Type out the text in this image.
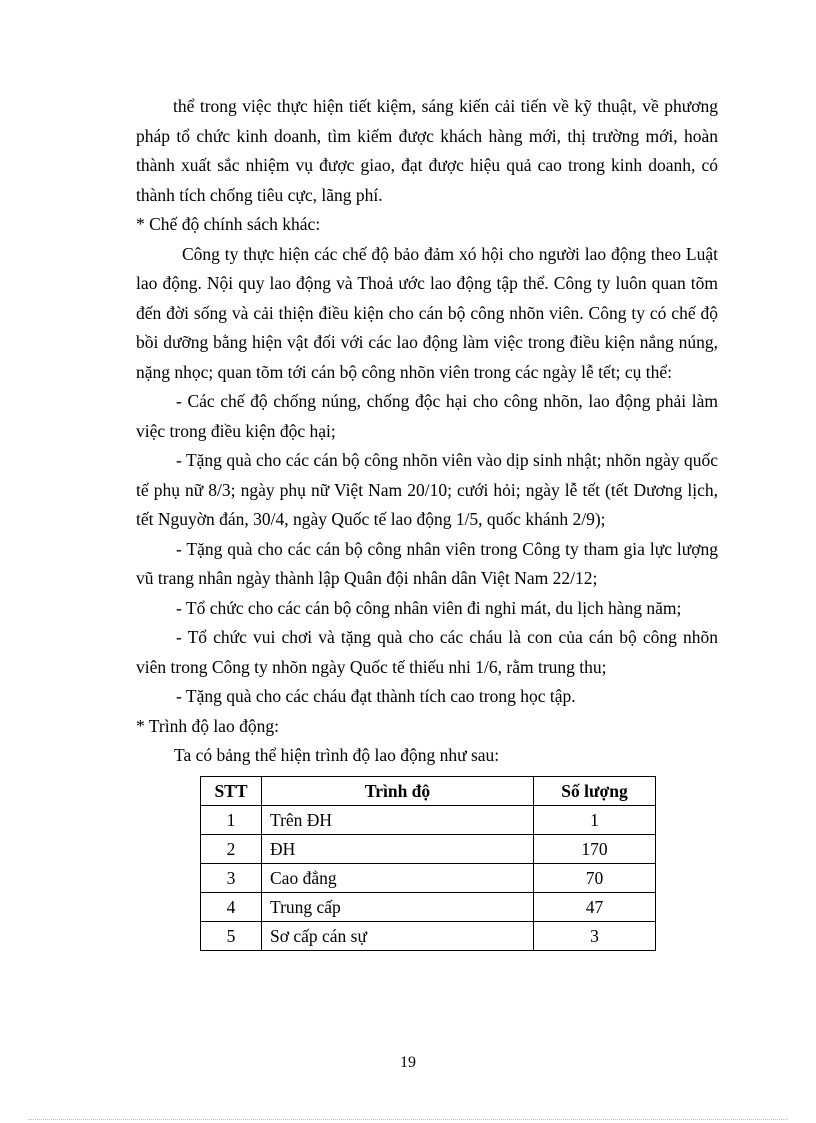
thể trong việc thực hiện tiết kiệm, sáng kiến cải tiến về kỹ thuật, về phương pháp tổ chức kinh doanh, tìm kiếm được khách hàng mới, thị trường mới, hoàn thành xuất sắc nhiệm vụ được giao, đạt được hiệu quả cao trong kinh doanh, có thành tích chống tiêu cực, lãng phí.

* Chế độ chính sách khác:

Công ty thực hiện các chế độ bảo đảm xó hội cho người lao động theo Luật lao động. Nội quy lao động và Thoả ước lao động tập thể. Công ty luôn quan tõm đến đời sống và cải thiện điều kiện cho cán bộ công nhõn viên. Công ty có chế độ bồi dưỡng bằng hiện vật đối với các lao động làm việc trong điều kiện nắng núng, nặng nhọc; quan tõm tới cán bộ công nhõn viên trong các ngày lễ tết; cụ thể:

- Các chế độ chống núng, chống độc hại cho công nhõn, lao động phải làm việc trong điều kiện độc hại;

- Tặng quà cho các cán bộ công nhõn viên vào dịp sinh nhật; nhõn ngày quốc tế phụ nữ 8/3; ngày phụ nữ Việt Nam 20/10; cưới hỏi; ngày lễ tết (tết Dương lịch, tết Nguyờn đán, 30/4, ngày Quốc tế lao động 1/5, quốc khánh 2/9);

- Tặng quà cho các cán bộ công nhân viên trong Công ty tham gia lực lượng vũ trang nhân ngày thành lập Quân đội nhân dân Việt Nam 22/12;

- Tổ chức cho các cán bộ công nhân viên đi nghỉ mát, du lịch hàng năm;

- Tổ chức vui chơi và tặng quà cho các cháu là con của cán bộ công nhõn viên trong Công ty nhõn ngày Quốc tế thiếu nhi 1/6, rằm trung thu;

- Tặng quà cho các cháu đạt thành tích cao trong học tập.

* Trình độ lao động:

Ta có bảng thể hiện trình độ lao động như sau:

STT	Trình độ	Số lượng
1	Trên ĐH	1
2	ĐH	170
3	Cao đẳng	70
4	Trung cấp	47
5	Sơ cấp cán sự	3
19
